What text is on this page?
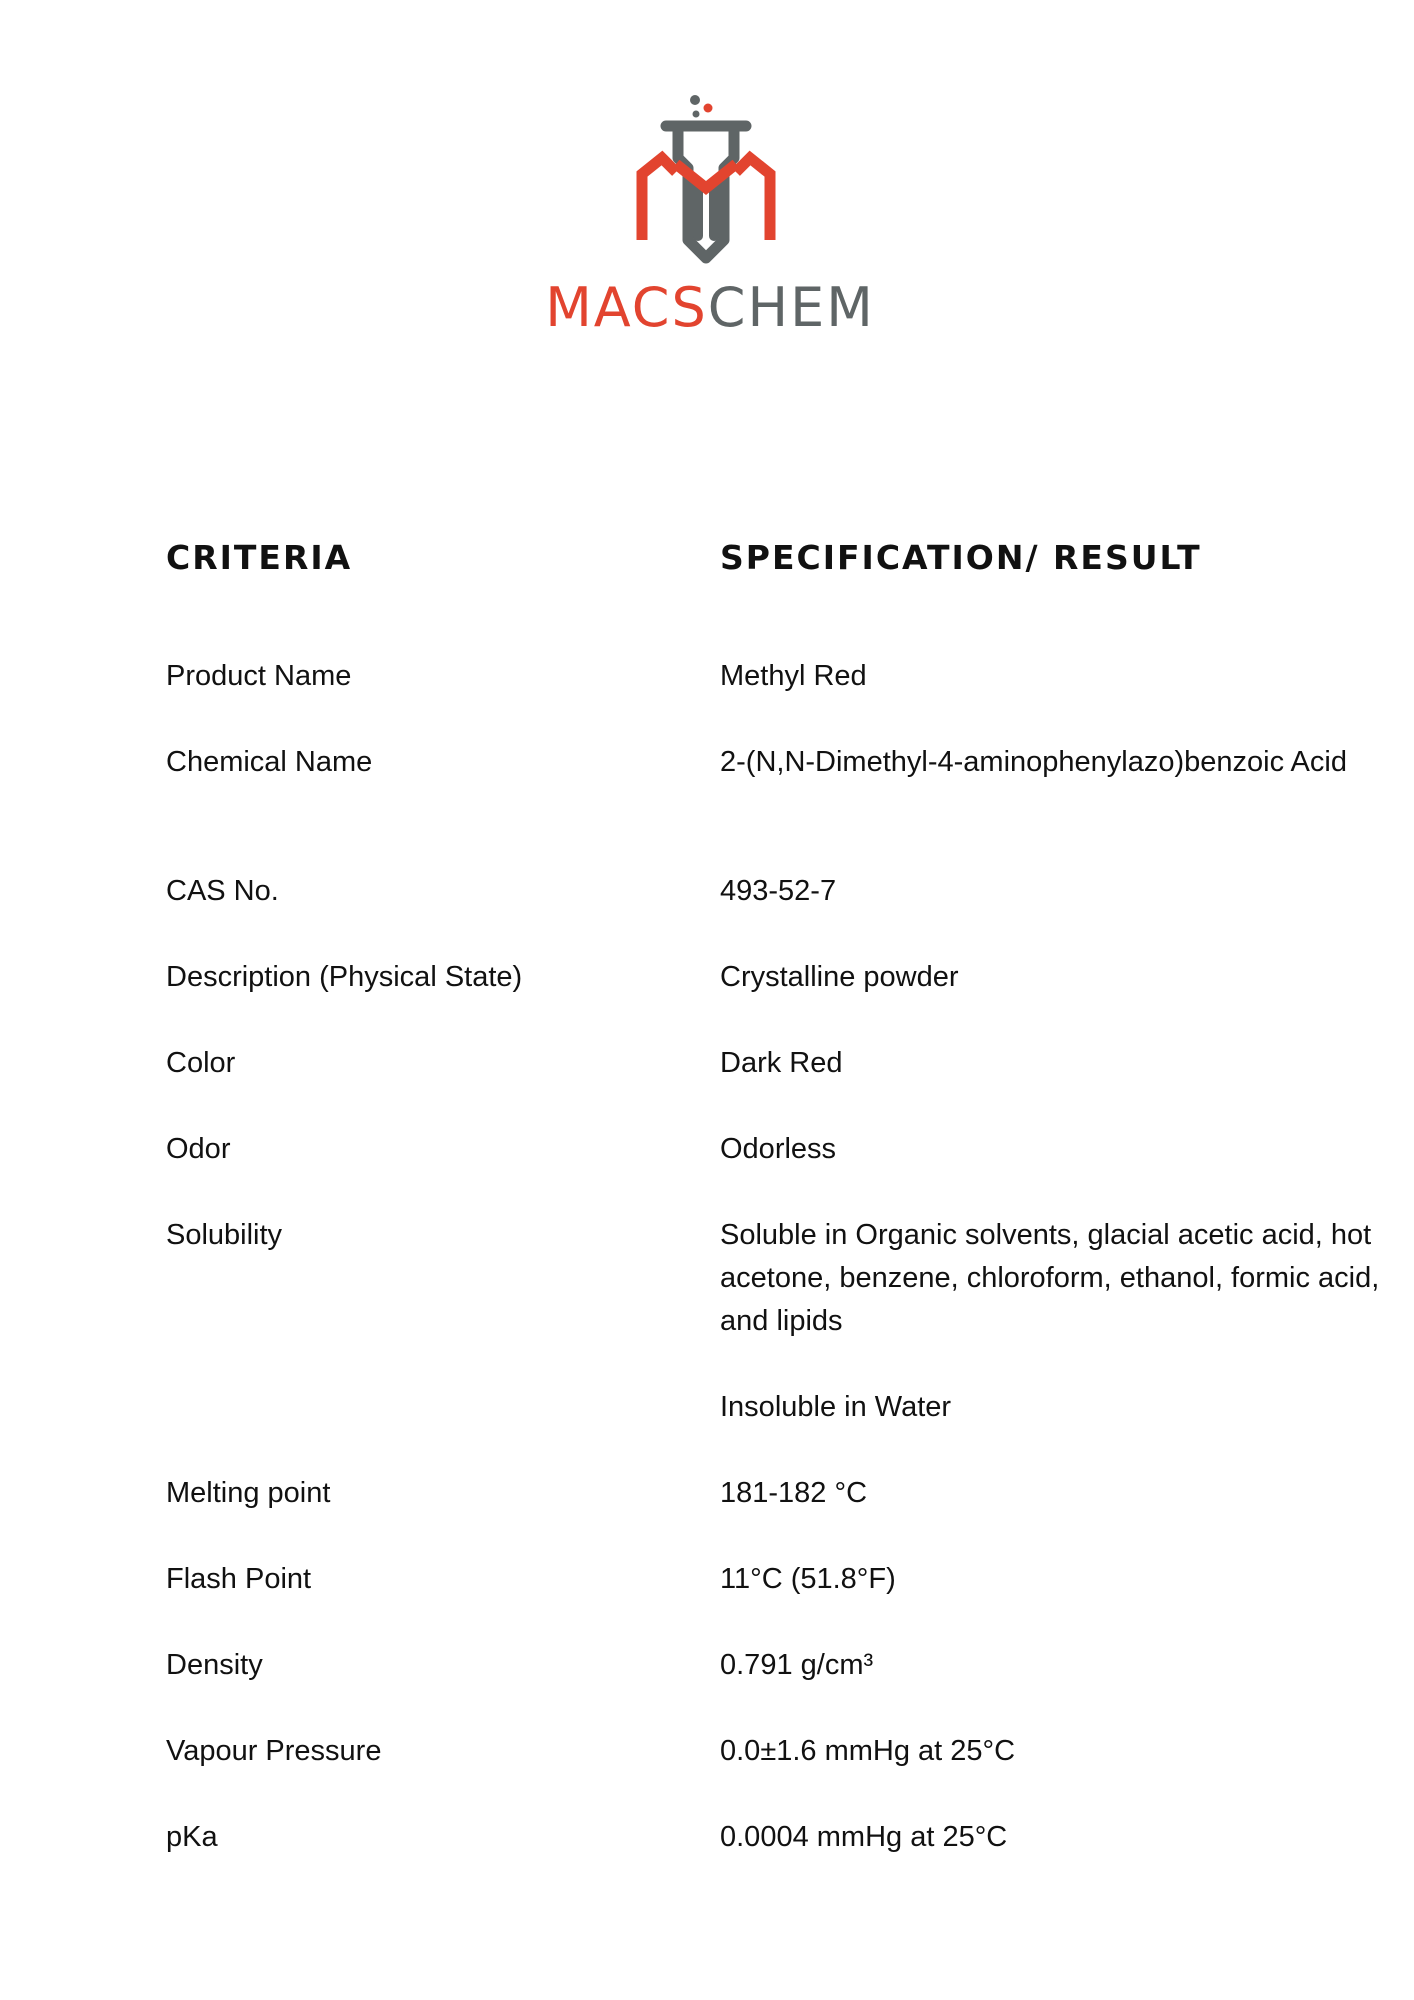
MACSCHEM
CRITERIA	SPECIFICATION/ RESULT
Product Name	Methyl Red

Chemical Name	2-(N,N-Dimethyl-4-aminophenylazo)benzoic Acid

CAS No.	493-52-7

Description (Physical State)	Crystalline powder

Color	Dark Red

Odor	Odorless

Solubility	Soluble in Organic solvents, glacial acetic acid, hot acetone, benzene, chloroform, ethanol, formic acid, and lipids

Insoluble in Water

Melting point	181-182 °C

Flash Point	11°C (51.8°F)

Density	0.791 g/cm³

Vapour Pressure	0.0±1.6 mmHg at 25°C

pKa	0.0004 mmHg at 25°C
